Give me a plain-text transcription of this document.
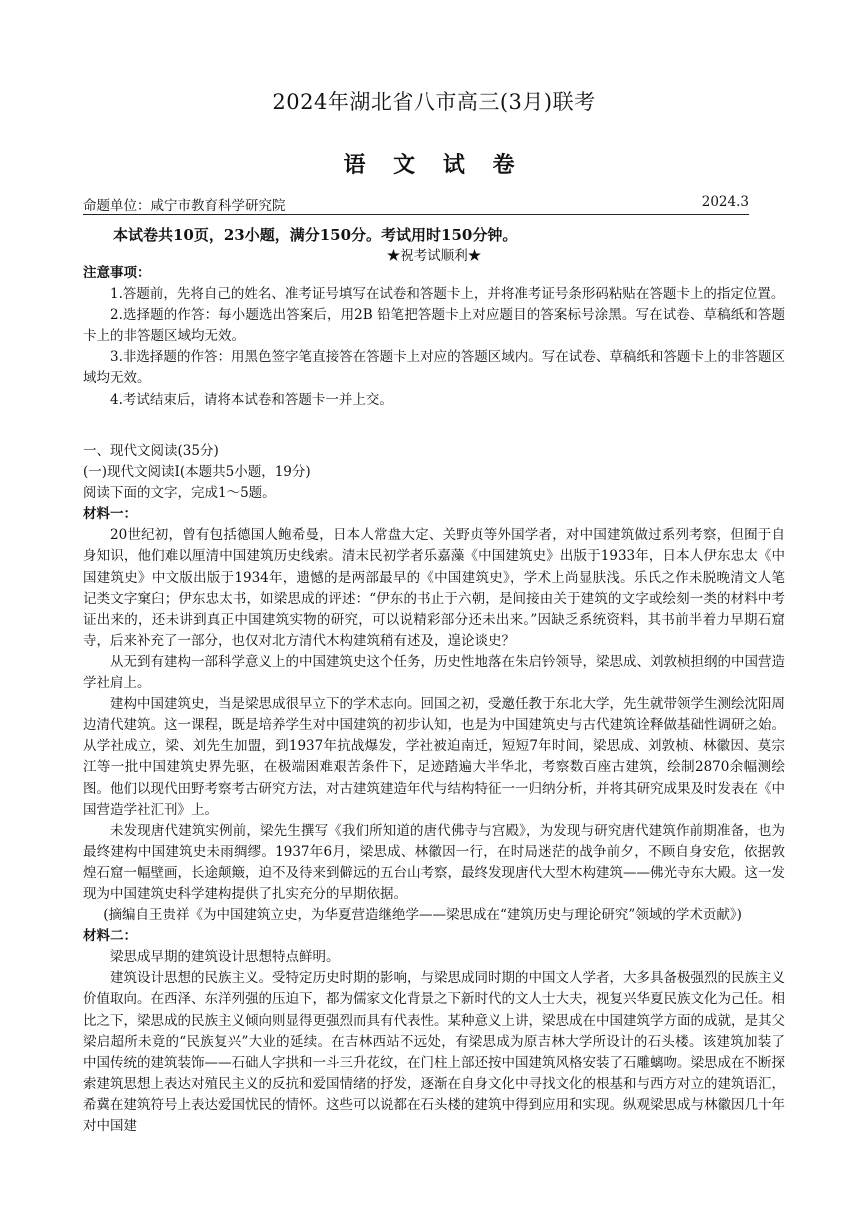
2024年湖北省八市高三(3月)联考
语 文 试 卷
命题单位：咸宁市教育科学研究院	2024.3
本试卷共10页，23小题，满分150分。考试用时150分钟。
★祝考试顺利★

注意事项：

1.答题前，先将自己的姓名、准考证号填写在试卷和答题卡上，并将准考证号条形码粘贴在答题卡上的指定位置。

2.选择题的作答：每小题选出答案后，用2B 铅笔把答题卡上对应题目的答案标号涂黑。写在试卷、草稿纸和答题卡上的非答题区域均无效。

3.非选择题的作答：用黑色签字笔直接答在答题卡上对应的答题区域内。写在试卷、草稿纸和答题卡上的非答题区域均无效。

4.考试结束后，请将本试卷和答题卡一并上交。

一、现代文阅读(35分)

(一)现代文阅读Ⅰ(本题共5小题，19分)

阅读下面的文字，完成1～5题。

材料一：

20世纪初，曾有包括德国人鲍希曼，日本人常盘大定、关野贞等外国学者，对中国建筑做过系列考察，但囿于自身知识，他们难以厘清中国建筑历史线索。清末民初学者乐嘉藻《中国建筑史》出版于1933年，日本人伊东忠太《中国建筑史》中文版出版于1934年，遗憾的是两部最早的《中国建筑史》，学术上尚显肤浅。乐氏之作未脱晚清文人笔记类文字窠臼；伊东忠太书，如梁思成的评述：“伊东的书止于六朝，是间接由关于建筑的文字或绘刻一类的材料中考证出来的，还未讲到真正中国建筑实物的研究，可以说精彩部分还未出来。”因缺乏系统资料，其书前半着力早期石窟寺，后来补充了一部分，也仅对北方清代木构建筑稍有述及，遑论谈史？

从无到有建构一部科学意义上的中国建筑史这个任务，历史性地落在朱启钤领导，梁思成、刘敦桢担纲的中国营造学社肩上。

建构中国建筑史，当是梁思成很早立下的学术志向。回国之初，受邀任教于东北大学，先生就带领学生测绘沈阳周边清代建筑。这一课程，既是培养学生对中国建筑的初步认知，也是为中国建筑史与古代建筑诠释做基础性调研之始。从学社成立，梁、刘先生加盟，到1937年抗战爆发，学社被迫南迁，短短7年时间，梁思成、刘敦桢、林徽因、莫宗江等一批中国建筑史界先驱，在极端困难艰苦条件下，足迹踏遍大半华北，考察数百座古建筑，绘制2870余幅测绘图。他们以现代田野考察考古研究方法，对古建筑建造年代与结构特征一一归纳分析，并将其研究成果及时发表在《中国营造学社汇刊》上。

未发现唐代建筑实例前，梁先生撰写《我们所知道的唐代佛寺与宫殿》，为发现与研究唐代建筑作前期准备，也为最终建构中国建筑史未雨绸缪。1937年6月，梁思成、林徽因一行，在时局迷茫的战争前夕，不顾自身安危，依据敦煌石窟一幅壁画，长途颠簸，迫不及待来到僻远的五台山考察，最终发现唐代大型木构建筑——佛光寺东大殿。这一发现为中国建筑史科学建构提供了扎实充分的早期依据。

(摘编自王贵祥《为中国建筑立史，为华夏营造继绝学——梁思成在“建筑历史与理论研究”领域的学术贡献》)

材料二：

梁思成早期的建筑设计思想特点鲜明。

建筑设计思想的民族主义。受特定历史时期的影响，与梁思成同时期的中国文人学者，大多具备极强烈的民族主义价值取向。在西泽、东洋列强的压迫下，都为儒家文化背景之下新时代的文人士大夫，视复兴华夏民族文化为己任。相比之下，梁思成的民族主义倾向则显得更强烈而具有代表性。某种意义上讲，梁思成在中国建筑学方面的成就，是其父梁启超所未竟的“民族复兴”大业的延续。在吉林西站不远处，有梁思成为原吉林大学所设计的石头楼。该建筑加装了中国传统的建筑装饰——石础人字拱和一斗三升花纹，在门柱上部还按中国建筑风格安装了石雕螭吻。梁思成在不断探索建筑思想上表达对殖民主义的反抗和爱国情绪的抒发，逐渐在自身文化中寻找文化的根基和与西方对立的建筑语汇，希冀在建筑符号上表达爱国忧民的情怀。这些可以说都在石头楼的建筑中得到应用和实现。纵观梁思成与林徽因几十年对中国建
